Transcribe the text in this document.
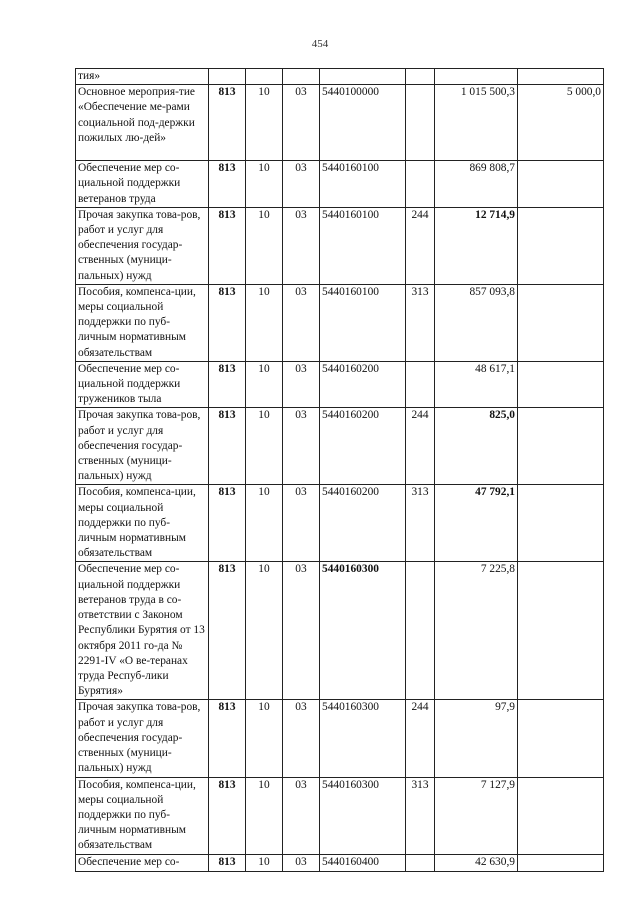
454
тия»							
Основное мероприя-тие «Обеспечение ме-рами социальной под-держки пожилых лю-дей»	813	10	03	5440100000		1 015 500,3	5 000,0
Обеспечение мер со-циальной поддержки ветеранов труда	813	10	03	5440160100		869 808,7	
Прочая закупка това-ров, работ и услуг для обеспечения государ-ственных (муници-пальных) нужд	813	10	03	5440160100	244	12 714,9	
Пособия, компенса-ции, меры социальной поддержки по пуб-личным нормативным обязательствам	813	10	03	5440160100	313	857 093,8	
Обеспечение мер со-циальной поддержки тружеников тыла	813	10	03	5440160200		48 617,1	
Прочая закупка това-ров, работ и услуг для обеспечения государ-ственных (муници-пальных) нужд	813	10	03	5440160200	244	825,0	
Пособия, компенса-ции, меры социальной поддержки по пуб-личным нормативным обязательствам	813	10	03	5440160200	313	47 792,1	
Обеспечение мер со-циальной поддержки ветеранов труда в со-ответствии с Законом Республики Бурятия от 13 октября 2011 го-да № 2291-IV «О ве-теранах труда Респуб-лики Бурятия»	813	10	03	5440160300		7 225,8	
Прочая закупка това-ров, работ и услуг для обеспечения государ-ственных (муници-пальных) нужд	813	10	03	5440160300	244	97,9	
Пособия, компенса-ции, меры социальной поддержки по пуб-личным нормативным обязательствам	813	10	03	5440160300	313	7 127,9	
Обеспечение мер со-	813	10	03	5440160400		42 630,9	
